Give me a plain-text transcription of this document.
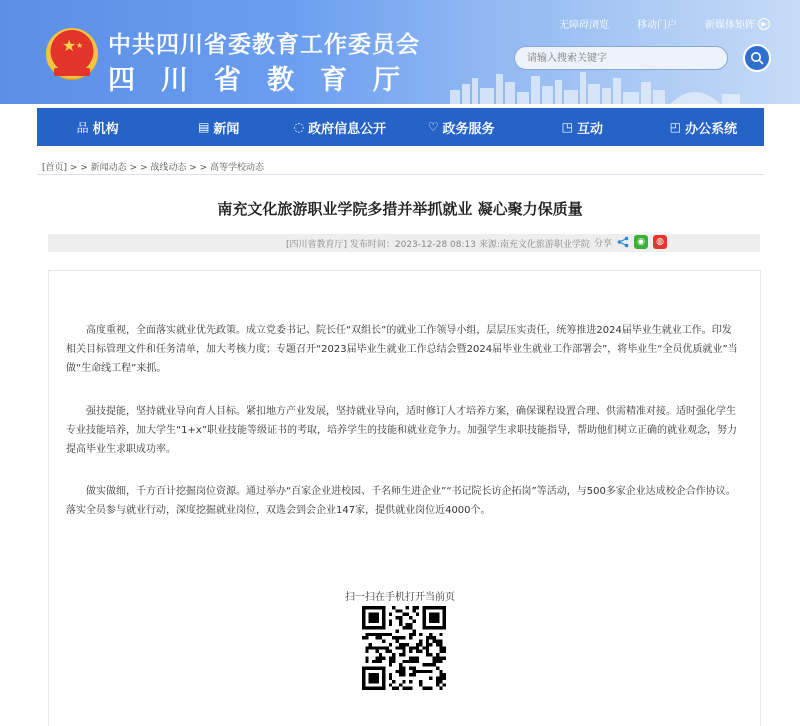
★ ★ 中共四川省委教育工作委员会
四川省教育厅
无障碍浏览	移动门户	新媒体矩阵 ▶
请输入搜索关键字
品 机构	▤ 新闻	◌ 政府信息公开	♡ 政务服务	◳ 互动	◰ 办公系统
[首页] > > 新闻动态 > > 战线动态 > > 高等学校动态
南充文化旅游职业学院多措并举抓就业 凝心聚力保质量
[四川省教育厅] 发布时间：2023-12-28 08:13 来源:南充文化旅游职业学院 分享	◉	◍

高度重视，全面落实就业优先政策。成立党委书记、院长任“双组长”的就业工作领导小组，层层压实责任，统筹推进2024届毕业生就业工作。印发相关目标管理文件和任务清单，加大考核力度；专题召开“2023届毕业生就业工作总结会暨2024届毕业生就业工作部署会”，将毕业生“全员优质就业”当做“生命线工程”来抓。

强技提能，坚持就业导向育人目标。紧扣地方产业发展，坚持就业导向，适时修订人才培养方案，确保课程设置合理、供需精准对接。适时强化学生专业技能培养，加大学生“1+x”职业技能等级证书的考取，培养学生的技能和就业竞争力。加强学生求职技能指导，帮助他们树立正确的就业观念，努力提高毕业生求职成功率。

做实做细，千方百计挖掘岗位资源。通过举办“百家企业进校园、千名师生进企业”“书记院长访企拓岗”等活动，与500多家企业达成校企合作协议。落实全员参与就业行动，深度挖掘就业岗位，双选会到会企业147家，提供就业岗位近4000个。

扫一扫在手机打开当前页
